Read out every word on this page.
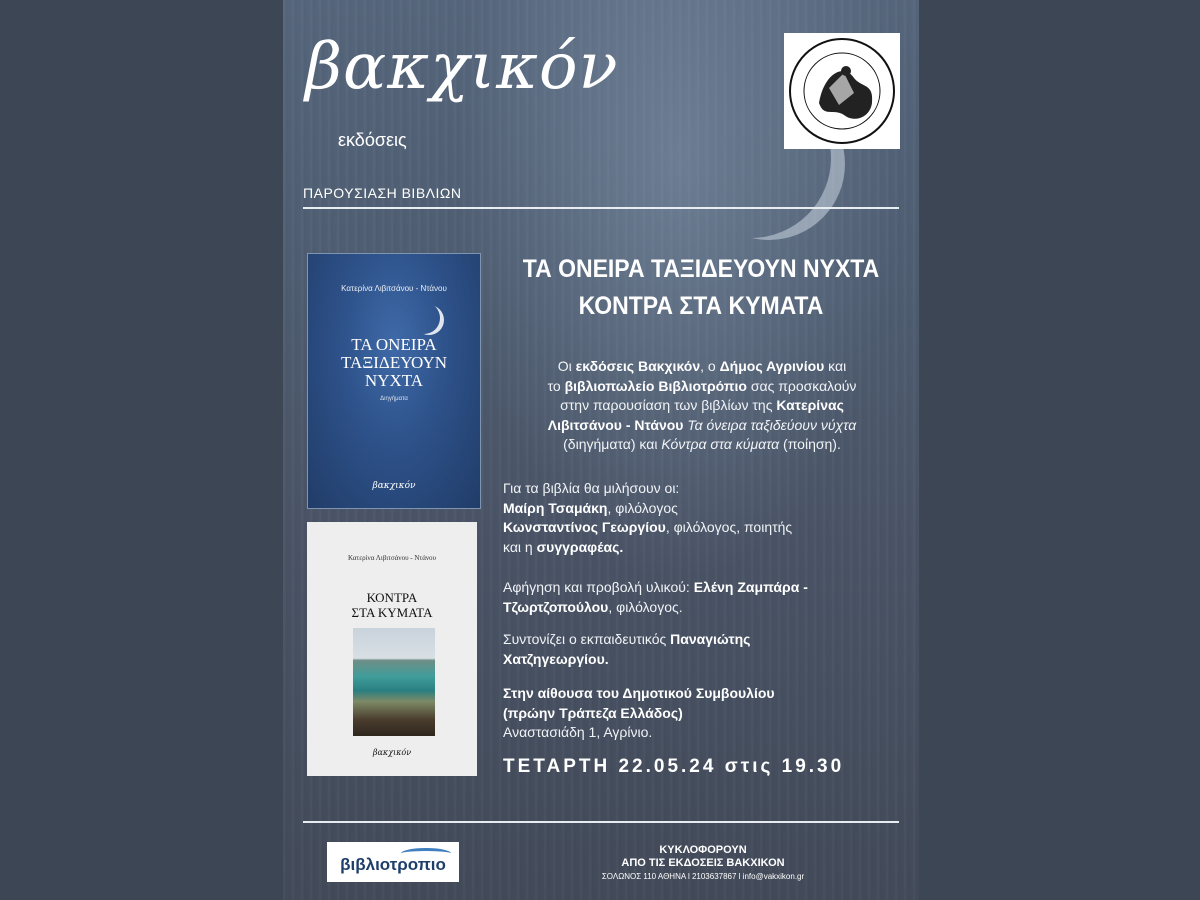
βακχικόν
εκδόσεις
ΠΑΡΟΥΣΙΑΣΗ ΒΙΒΛΙΩΝ
Κατερίνα Λιβιτσάνου - Ντάνου
ΤΑ ΟΝΕΙΡΑ
ΤΑΞΙΔΕΥΟΥΝ
ΝΥΧΤΑ
Διηγήματα
βακχικόν
Κατερίνα Λιβιτσάνου - Ντάνου
ΚΟΝΤΡΑ
ΣΤΑ ΚΥΜΑΤΑ
βακχικόν
ΤΑ ΟΝΕΙΡΑ ΤΑΞΙΔΕΥΟΥΝ ΝΥΧΤΑ
ΚΟΝΤΡΑ ΣΤΑ ΚΥΜΑΤΑ
Οι εκδόσεις Βακχικόν, ο Δήμος Αγρινίου και
το βιβλιοπωλείο Βιβλιοτρόπιο σας προσκαλούν
στην παρουσίαση των βιβλίων της Κατερίνας
Λιβιτσάνου - Ντάνου Τα όνειρα ταξιδεύουν νύχτα
(διηγήματα) και Κόντρα στα κύματα (ποίηση).
Για τα βιβλία θα μιλήσουν οι:
Μαίρη Τσαμάκη, φιλόλογος
Κωνσταντίνος Γεωργίου, φιλόλογος, ποιητής
και η συγγραφέας.
Αφήγηση και προβολή υλικού: Ελένη Ζαμπάρα -
Τζωρτζοπούλου, φιλόλογος.
Συντονίζει ο εκπαιδευτικός Παναγιώτης
Χατζηγεωργίου.
Στην αίθουσα του Δημοτικού Συμβουλίου
(πρώην Τράπεζα Ελλάδος)
Αναστασιάδη 1, Αγρίνιο.
ΤΕΤΑΡΤΗ 22.05.24 στις 19.30
βιβλιοτροπιο
ΚΥΚΛΟΦΟΡΟΥΝ
ΑΠΟ ΤΙΣ ΕΚΔΟΣΕΙΣ ΒΑΚΧΙΚΟΝ
ΣΟΛΩΝΟΣ 110 ΑΘΗΝΑ l 2103637867 l info@vakxikon.gr
